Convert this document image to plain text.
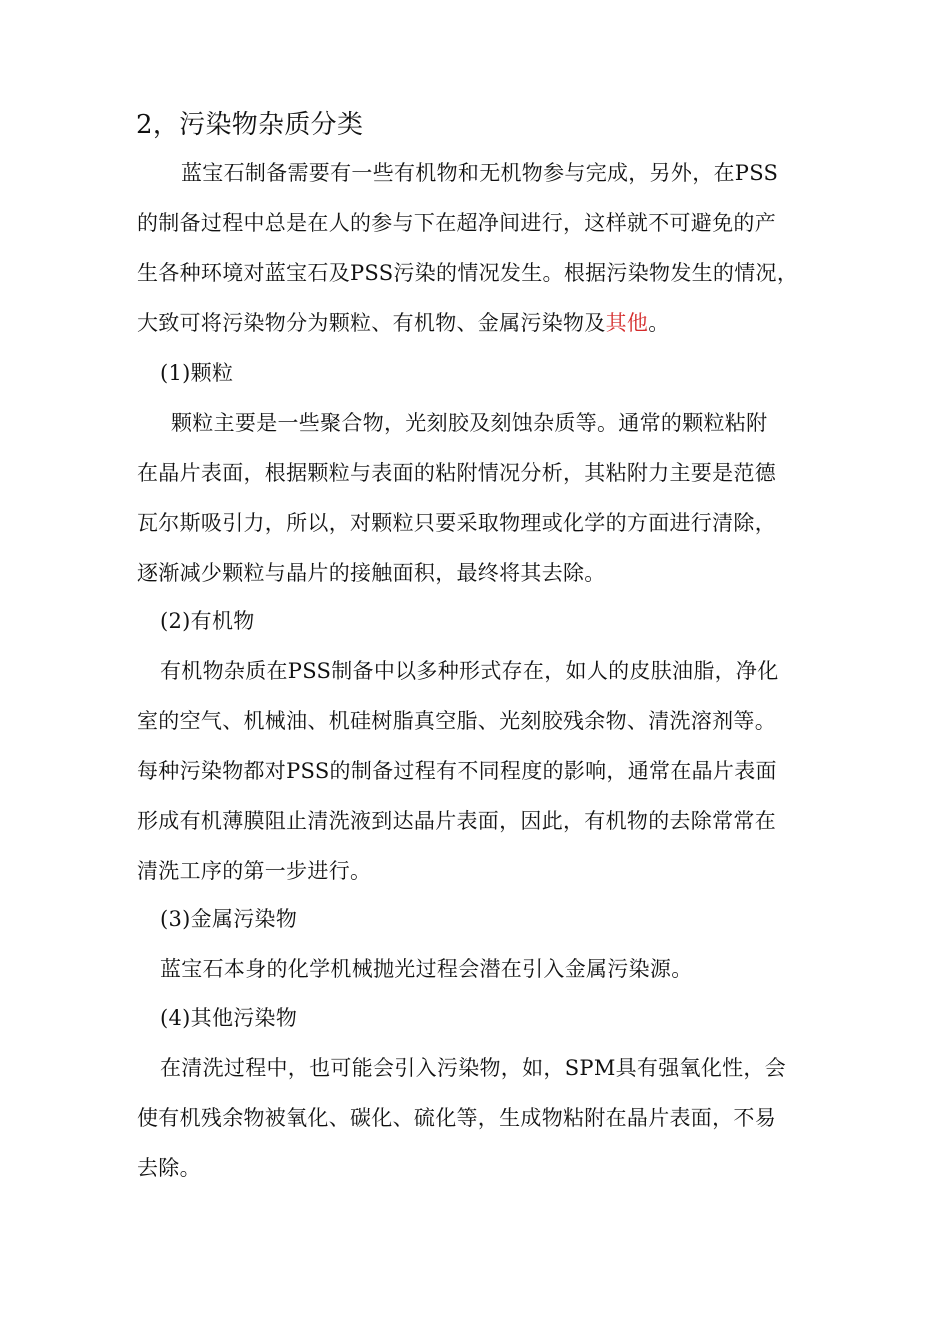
2，污染物杂质分类
蓝宝石制备需要有一些有机物和无机物参与完成，另外，在PSS
的制备过程中总是在人的参与下在超净间进行，这样就不可避免的产
生各种环境对蓝宝石及PSS污染的情况发生。根据污染物发生的情况，
大致可将污染物分为颗粒、有机物、金属污染物及其他。
(1)颗粒
颗粒主要是一些聚合物，光刻胶及刻蚀杂质等。通常的颗粒粘附
在晶片表面，根据颗粒与表面的粘附情况分析，其粘附力主要是范德
瓦尔斯吸引力，所以，对颗粒只要采取物理或化学的方面进行清除，
逐渐减少颗粒与晶片的接触面积，最终将其去除。
(2)有机物
有机物杂质在PSS制备中以多种形式存在，如人的皮肤油脂，净化
室的空气、机械油、机硅树脂真空脂、光刻胶残余物、清洗溶剂等。
每种污染物都对PSS的制备过程有不同程度的影响，通常在晶片表面
形成有机薄膜阻止清洗液到达晶片表面，因此，有机物的去除常常在
清洗工序的第一步进行。
(3)金属污染物
蓝宝石本身的化学机械抛光过程会潜在引入金属污染源。
(4)其他污染物
在清洗过程中，也可能会引入污染物，如，SPM具有强氧化性，会
使有机残余物被氧化、碳化、硫化等，生成物粘附在晶片表面，不易
去除。
